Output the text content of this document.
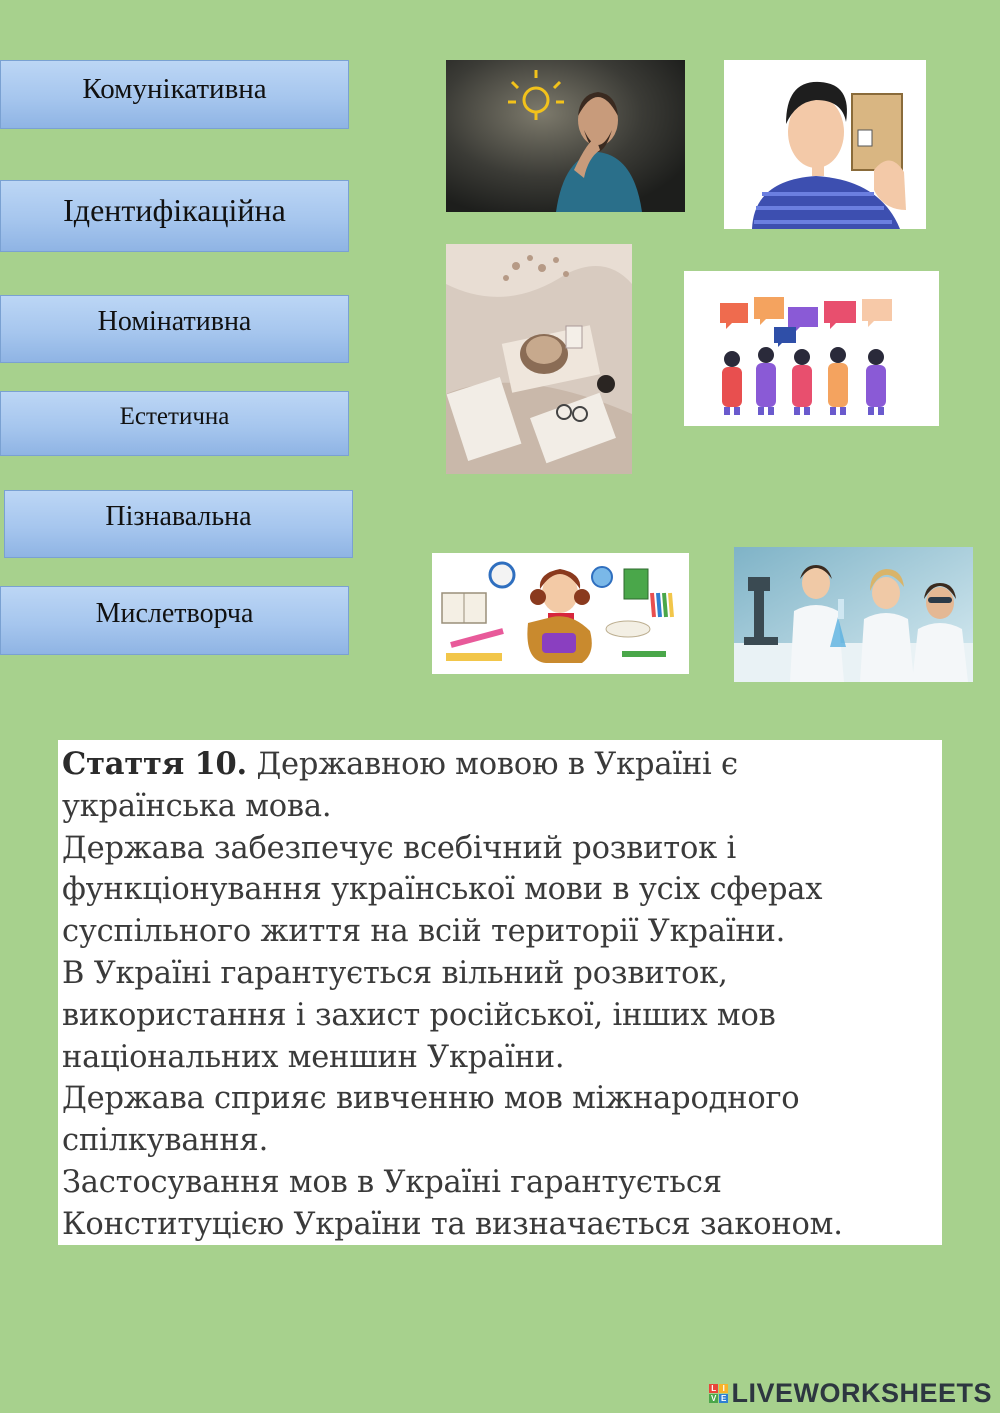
Комунікативна
Ідентифікаційна
Номінативна
Естетична
Пізнавальна
Мислетворча
Стаття 10. Державною мовою в Україні є
українська мова.
Держава забезпечує всебічний розвиток і
функціонування української мови в усіх сферах
суспільного життя на всій території України.
В Україні гарантується вільний розвиток,
використання і захист російської, інших мов
національних меншин України.
Держава сприяє вивченню мов міжнародного
спілкування.
Застосування мов в Україні гарантується
Конституцією України та визначається законом.
L I
V E LIVEWORKSHEETS
